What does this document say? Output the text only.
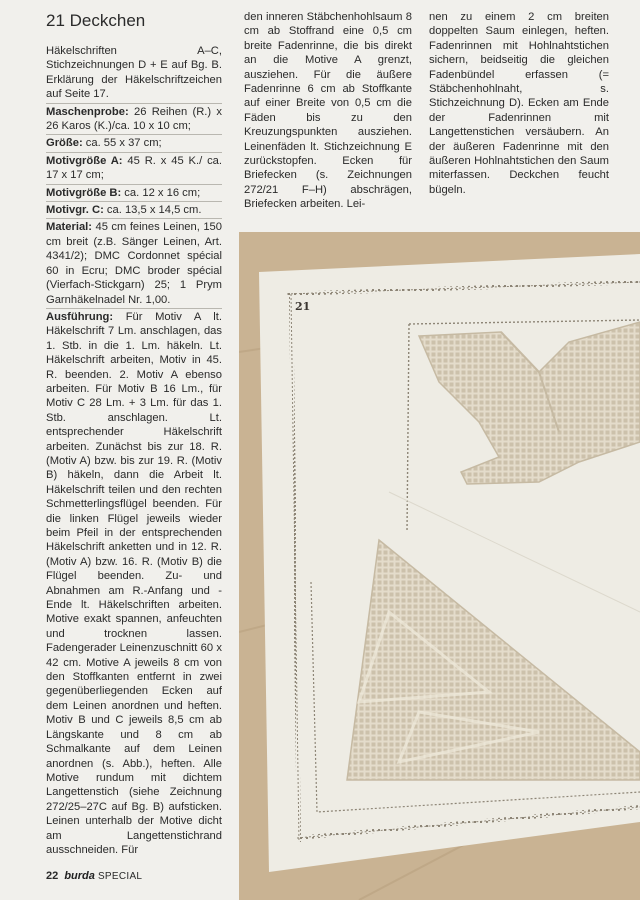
21 Deckchen

Häkelschriften A–C, Stichzeichnungen D + E auf Bg. B. Erklärung der Häkelschriftzeichen auf Seite 17.

Maschenprobe: 26 Reihen (R.) x 26 Karos (K.)/ca. 10 x 10 cm;

Größe: ca. 55 x 37 cm;

Motivgröße A: 45 R. x 45 K./ ca. 17 x 17 cm;

Motivgröße B: ca. 12 x 16 cm;

Motivgr. C: ca. 13,5 x 14,5 cm.

Material: 45 cm feines Leinen, 150 cm breit (z.B. Sänger Leinen, Art. 4341/2); DMC Cordonnet spécial 60 in Ecru; DMC broder spécial (Vierfach-Stickgarn) 25; 1 Prym Garnhäkelnadel Nr. 1,00.

Ausführung: Für Motiv A lt. Häkelschrift 7 Lm. anschlagen, das 1. Stb. in die 1. Lm. häkeln. Lt. Häkelschrift arbeiten, Motiv in 45. R. beenden. 2. Motiv A ebenso arbeiten. Für Motiv B 16 Lm., für Motiv C 28 Lm. + 3 Lm. für das 1. Stb. anschlagen. Lt. entsprechender Häkelschrift arbeiten. Zunächst bis zur 18. R. (Motiv A) bzw. bis zur 19. R. (Motiv B) häkeln, dann die Arbeit lt. Häkelschrift teilen und den rechten Schmetterlingsflügel beenden. Für die linken Flügel jeweils wieder beim Pfeil in der entsprechenden Häkelschrift anketten und in 12. R. (Motiv A) bzw. 16. R. (Motiv B) die Flügel beenden. Zu- und Abnahmen am R.-Anfang und -Ende lt. Häkelschriften arbeiten. Motive exakt spannen, anfeuchten und trocknen lassen. Fadengerader Leinenzuschnitt 60 x 42 cm. Motive A jeweils 8 cm von den Stoffkanten entfernt in zwei gegenüberliegenden Ecken auf dem Leinen anordnen und heften. Motiv B und C jeweils 8,5 cm ab Längskante und 8 cm ab Schmalkante auf dem Leinen anordnen (s. Abb.), heften. Alle Motive rundum mit dichtem Langettenstich (siehe Zeichnung 272/25–27C auf Bg. B) aufsticken. Leinen unterhalb der Motive dicht am Langettenstichrand ausschneiden. Für

den inneren Stäbchenhohlsaum 8 cm ab Stoffrand eine 0,5 cm breite Fadenrinne, die bis direkt an die Motive A grenzt, ausziehen. Für die äußere Fadenrinne 6 cm ab Stoffkante auf einer Breite von 0,5 cm die Fäden bis zu den Kreuzungspunkten ausziehen. Leinenfäden lt. Stichzeichnung E zurückstopfen. Ecken für Briefecken (s. Zeichnungen 272/21 F–H) abschrägen, Briefecken arbeiten. Lei-

nen zu einem 2 cm breiten doppelten Saum einlegen, heften. Fadenrinnen mit Hohlnahtstichen sichern, beidseitig die gleichen Fadenbündel erfassen (= Stäbchenhohlnaht, s. Stichzeichnung D). Ecken am Ende der Fadenrinnen mit Langettenstichen versäubern. An der äußeren Fadenrinne mit den äußeren Hohlnahtstichen den Saum miterfassen. Deckchen feucht bügeln.

21
22 burda SPECIAL
